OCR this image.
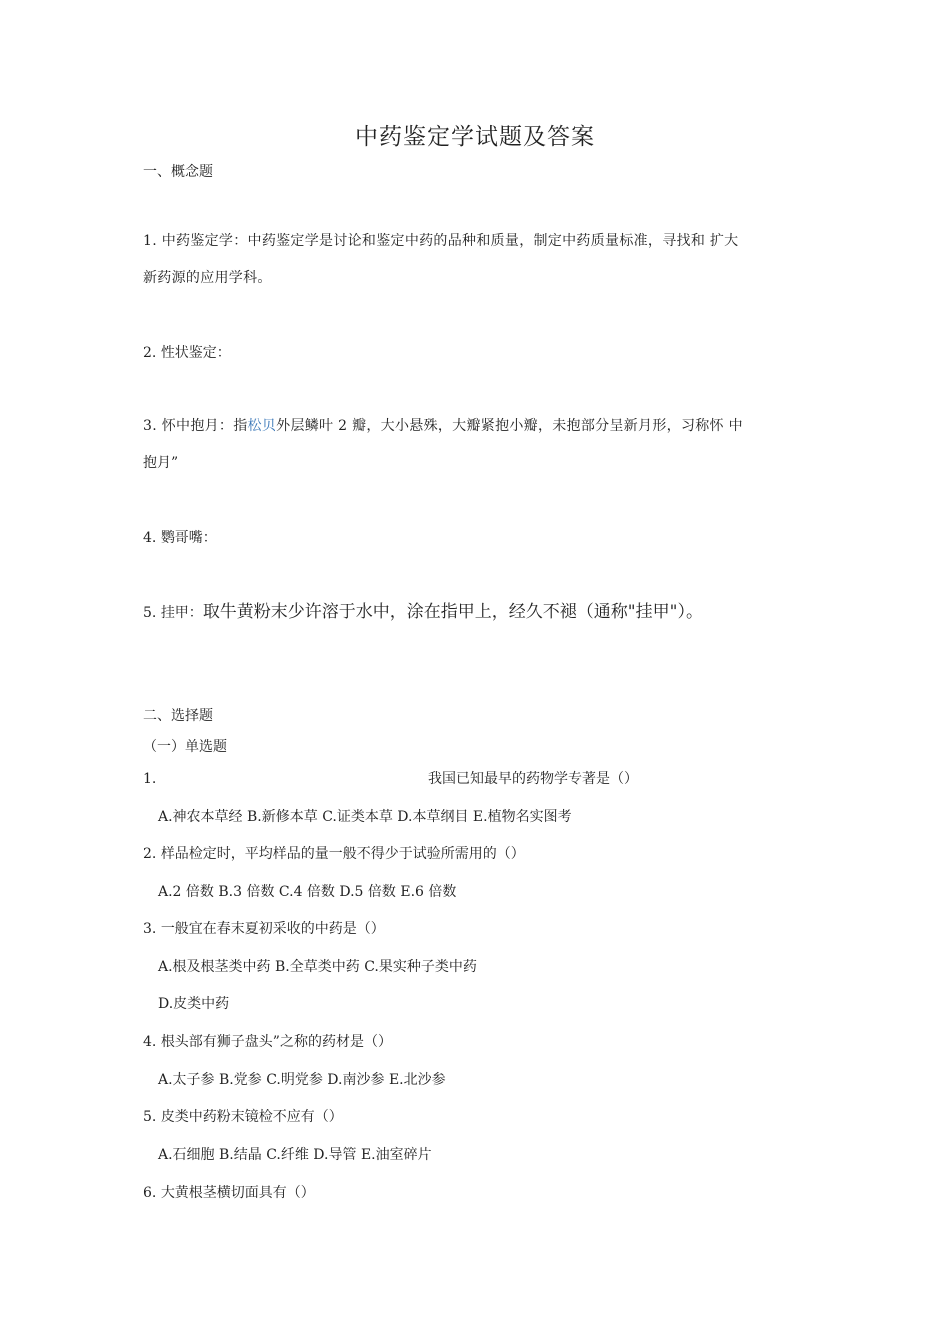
中药鉴定学试题及答案
一、概念题
1. 中药鉴定学：中药鉴定学是讨论和鉴定中药的品种和质量，制定中药质量标准，寻找和 扩大
新药源的应用学科。
2. 性状鉴定：
3. 怀中抱月：指松贝外层鳞叶 2 瓣，大小悬殊，大瓣紧抱小瓣，未抱部分呈新月形，习称怀 中
抱月”
4. 鹦哥嘴：
5. 挂甲：取牛黄粉末少许溶于水中，涂在指甲上，经久不褪（通称"挂甲"）。
二、选择题
（一）单选题
1.	我国已知最早的药物学专著是（）
A.神农本草经 B.新修本草 C.证类本草 D.本草纲目 E.植物名实图考
2. 样品检定时，平均样品的量一般不得少于试验所需用的（）
A.2 倍数 B.3 倍数 C.4 倍数 D.5 倍数 E.6 倍数
3. 一般宜在春末夏初采收的中药是（）
A.根及根茎类中药 B.全草类中药 C.果实种子类中药
D.皮类中药
4. 根头部有狮子盘头”之称的药材是（）
A.太子参 B.党参 C.明党参 D.南沙参 E.北沙参
5. 皮类中药粉末镜检不应有（）
A.石细胞 B.结晶 C.纤维 D.导管 E.油室碎片
6. 大黄根茎横切面具有（）
